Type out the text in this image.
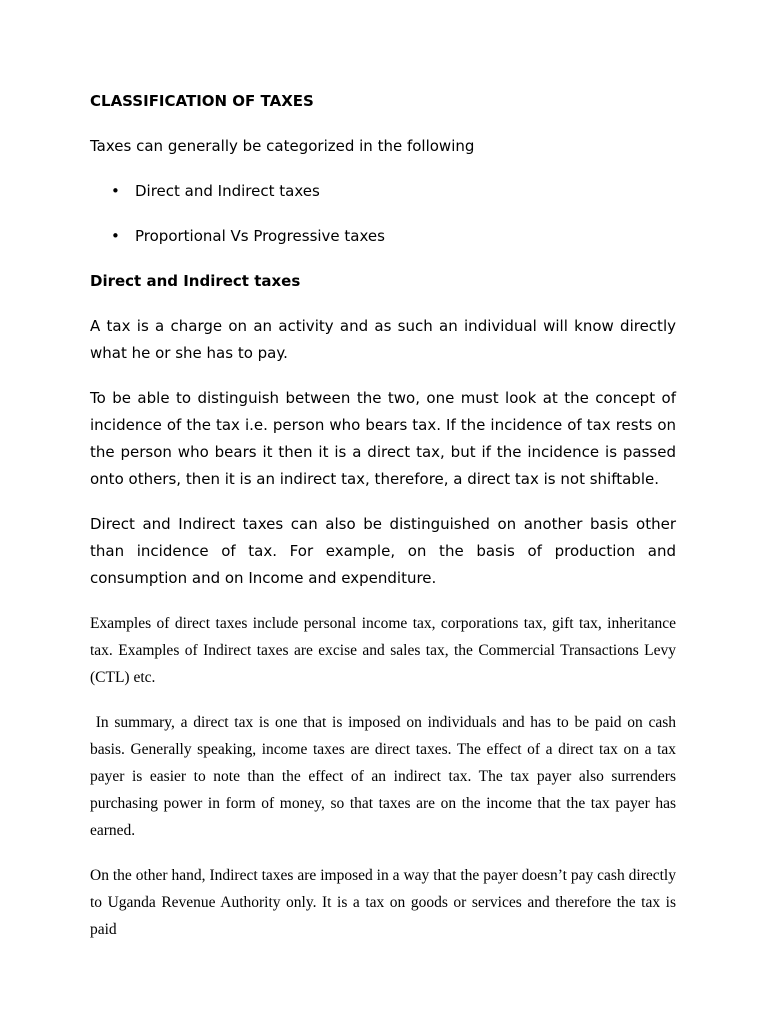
CLASSIFICATION OF TAXES

Taxes can generally be categorized in the following

• Direct and Indirect taxes
• Proportional Vs Progressive taxes
Direct and Indirect taxes

A tax is a charge on an activity and as such an individual will know directly what he or she has to pay.

To be able to distinguish between the two, one must look at the concept of incidence of the tax i.e. person who bears tax. If the incidence of tax rests on the person who bears it then it is a direct tax, but if the incidence is passed onto others, then it is an indirect tax, therefore, a direct tax is not shiftable.

Direct and Indirect taxes can also be distinguished on another basis other than incidence of tax. For example, on the basis of production and consumption and on Income and expenditure.

Examples of direct taxes include personal income tax, corporations tax, gift tax, inheritance tax. Examples of Indirect taxes are excise and sales tax, the Commercial Transactions Levy (CTL) etc.

In summary, a direct tax is one that is imposed on individuals and has to be paid on cash basis. Generally speaking, income taxes are direct taxes. The effect of a direct tax on a tax payer is easier to note than the effect of an indirect tax. The tax payer also surrenders purchasing power in form of money, so that taxes are on the income that the tax payer has earned.

On the other hand, Indirect taxes are imposed in a way that the payer doesn’t pay cash directly to Uganda Revenue Authority only. It is a tax on goods or services and therefore the tax is paid
